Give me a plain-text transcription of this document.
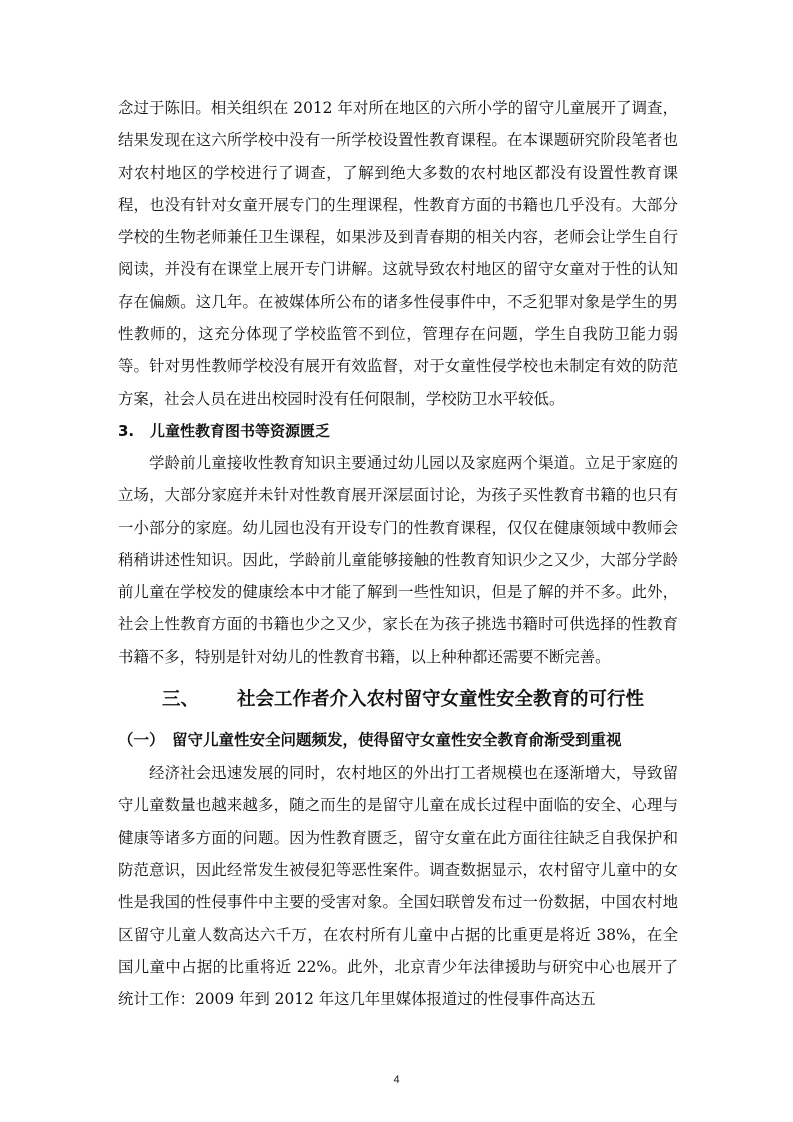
念过于陈旧。相关组织在 2012 年对所在地区的六所小学的留守儿童展开了调查，结果发现在这六所学校中没有一所学校设置性教育课程。在本课题研究阶段笔者也对农村地区的学校进行了调查，了解到绝大多数的农村地区都没有设置性教育课程，也没有针对女童开展专门的生理课程，性教育方面的书籍也几乎没有。大部分学校的生物老师兼任卫生课程，如果涉及到青春期的相关内容，老师会让学生自行阅读，并没有在课堂上展开专门讲解。这就导致农村地区的留守女童对于性的认知存在偏颇。这几年。在被媒体所公布的诸多性侵事件中，不乏犯罪对象是学生的男性教师的，这充分体现了学校监管不到位，管理存在问题，学生自我防卫能力弱等。针对男性教师学校没有展开有效监督，对于女童性侵学校也未制定有效的防范方案，社会人员在进出校园时没有任何限制，学校防卫水平较低。

3. 儿童性教育图书等资源匮乏

学龄前儿童接收性教育知识主要通过幼儿园以及家庭两个渠道。立足于家庭的立场，大部分家庭并未针对性教育展开深层面讨论，为孩子买性教育书籍的也只有一小部分的家庭。幼儿园也没有开设专门的性教育课程，仅仅在健康领域中教师会稍稍讲述性知识。因此，学龄前儿童能够接触的性教育知识少之又少，大部分学龄前儿童在学校发的健康绘本中才能了解到一些性知识，但是了解的并不多。此外，社会上性教育方面的书籍也少之又少，家长在为孩子挑选书籍时可供选择的性教育书籍不多，特别是针对幼儿的性教育书籍，以上种种都还需要不断完善。

三、 社会工作者介入农村留守女童性安全教育的可行性
（一） 留守儿童性安全问题频发，使得留守女童性安全教育俞渐受到重视

经济社会迅速发展的同时，农村地区的外出打工者规模也在逐渐增大，导致留守儿童数量也越来越多，随之而生的是留守儿童在成长过程中面临的安全、心理与健康等诸多方面的问题。因为性教育匮乏，留守女童在此方面往往缺乏自我保护和防范意识，因此经常发生被侵犯等恶性案件。调查数据显示，农村留守儿童中的女性是我国的性侵事件中主要的受害对象。全国妇联曾发布过一份数据，中国农村地区留守儿童人数高达六千万，在农村所有儿童中占据的比重更是将近 38%，在全国儿童中占据的比重将近 22%。此外，北京青少年法律援助与研究中心也展开了统计工作：2009 年到 2012 年这几年里媒体报道过的性侵事件高达五

4
